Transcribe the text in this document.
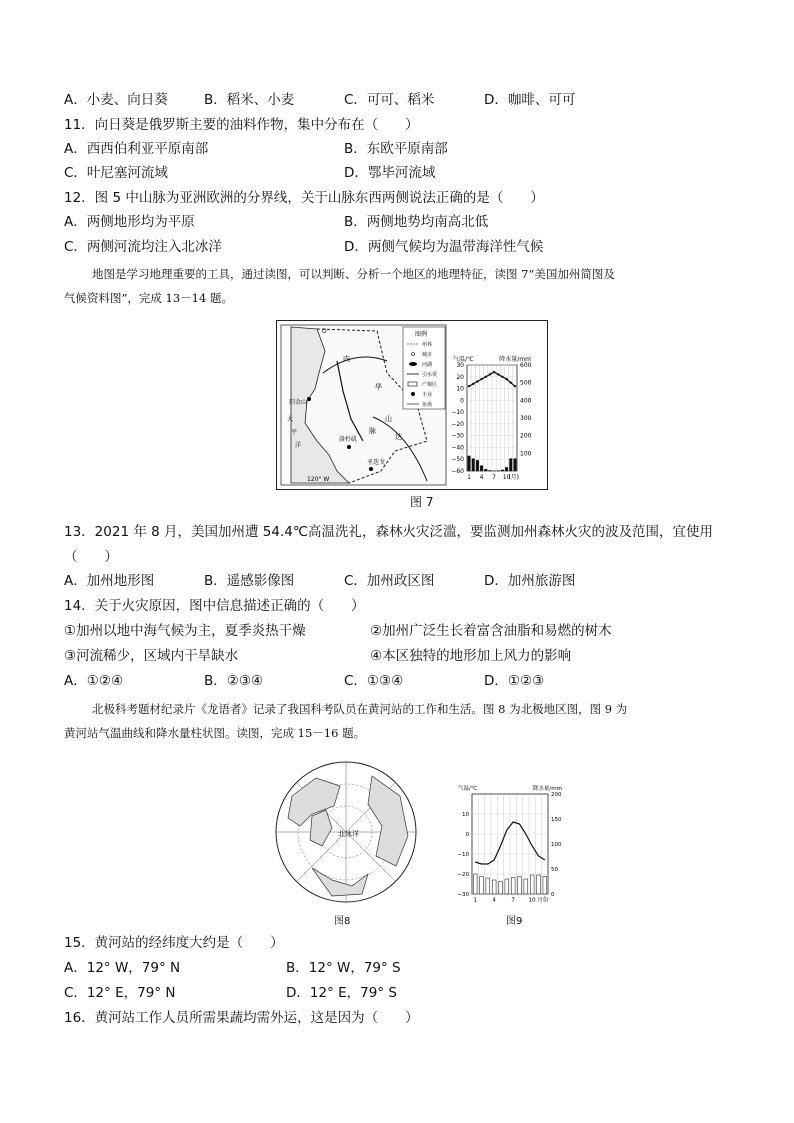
A．小麦、向日葵	B．稻米、小麦	C．可可、稻米	D．咖啡、可可
11．向日葵是俄罗斯主要的油料作物，集中分布在（　　）
A．西西伯利亚平原南部	B．东欧平原南部
C．叶尼塞河流域	D．鄂毕河流域
12．图 5 中山脉为亚洲欧洲的分界线，关于山脉东西两侧说法正确的是（　　）
A．两侧地形均为平原	B．两侧地势均南高北低
C．两侧河流均注入北冰洋	D．两侧气候均为温带海洋性气候
地图是学习地理重要的工具，通过读图，可以判断、分析一个地区的地理特征，读图 7“美国加州简图及
气候资料图”，完成 13－14 题。
旧金山
大
平
洋
洛杉矶
圣迭戈
120° W
O
内
华
山
脉
达
图例
州界
城市
河湖
引水渠
产棉区
丰业
鱼场
30
20
10
0
−10
−20
−30
−40
−50
−60
600
500
400
300
200
100
1 4 7 10
(月)
气温/℃	降水量/mm
图 7
13．2021 年 8 月，美国加州遭 54.4℃高温洗礼，森林火灾泛滥，要监测加州森林火灾的波及范围，宜使用
（　　）
A．加州地形图	B．遥感影像图	C．加州政区图	D．加州旅游图
14．关于火灾原因，图中信息描述正确的（　　）
①加州以地中海气候为主，夏季炎热干燥	②加州广泛生长着富含油脂和易燃的树木
③河流稀少，区域内干旱缺水	④本区独特的地形加上风力的影响
A．①②④	B．②③④	C．①③④	D．①②③
北极科考题材纪录片《龙语者》记录了我国科考队员在黄河站的工作和生活。图 8 为北极地区图，图 9 为
黄河站气温曲线和降水量柱状图。读图，完成 15－16 题。
北冰洋
图8
10
0
−10
−20
−30
200
150
100
50
0
1	4	7	10 月份
气温/℃	降水量/mm
图9
15．黄河站的经纬度大约是（　　）
A．12° W，79° N	B．12° W，79° S
C．12° E，79° N	D．12° E，79° S
16．黄河站工作人员所需果蔬均需外运，这是因为（　　）
